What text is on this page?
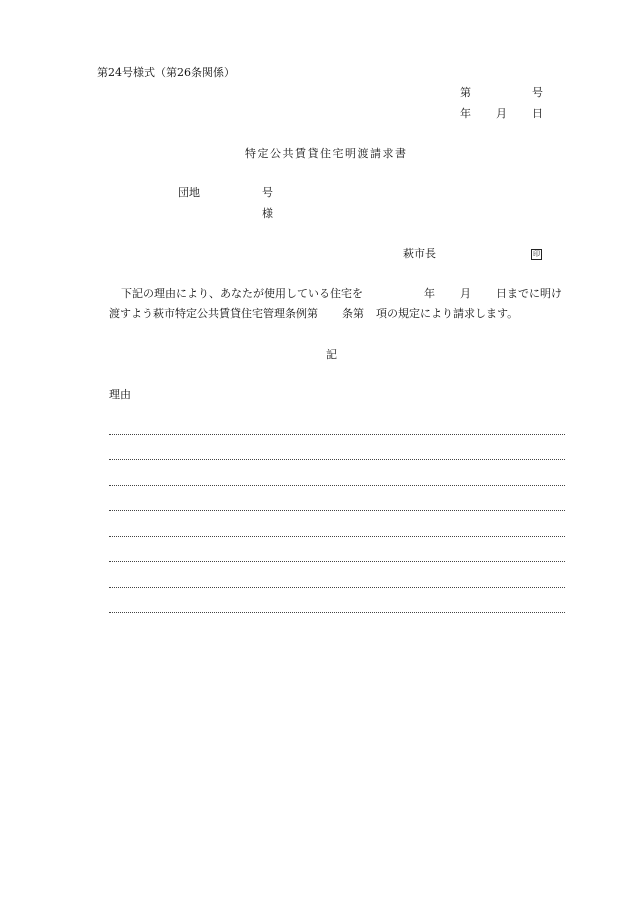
第24号様式（第26条関係）
第	号
年 月 日
特定公共賃貸住宅明渡請求書
団地	号
様
萩市長	印
下記の理由により、あなたが使用している住宅を	年 月 日までに明け
渡すよう萩市特定公共賃貸住宅管理条例第 条第 項の規定により請求します。
記
理由
